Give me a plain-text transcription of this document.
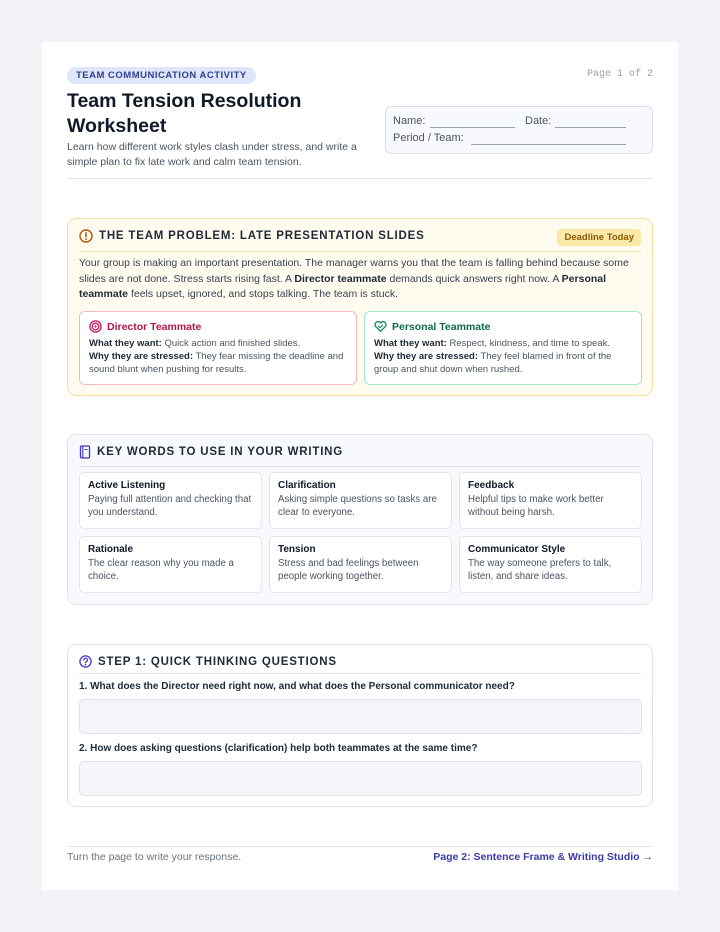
TEAM COMMUNICATION ACTIVITY	Page 1 of 2
Team Tension Resolution Worksheet
Learn how different work styles clash under stress, and write a simple plan to fix late work and calm team tension.
Name:	Date:
Period / Team:
THE TEAM PROBLEM: LATE PRESENTATION SLIDES	Deadline Today

Your group is making an important presentation. The manager warns you that the team is falling behind because some slides are not done. Stress starts rising fast. A Director teammate demands quick answers right now. A Personal teammate feels upset, ignored, and stops talking. The team is stuck.

Director Teammate

What they want: Quick action and finished slides.

Why they are stressed: They fear missing the deadline and sound blunt when pushing for results.

Personal Teammate

What they want: Respect, kindness, and time to speak.

Why they are stressed: They feel blamed in front of the group and shut down when rushed.

KEY WORDS TO USE IN YOUR WRITING
Active Listening
Paying full attention and checking that you understand.
Clarification
Asking simple questions so tasks are clear to everyone.
Feedback
Helpful tips to make work better without being harsh.
Rationale
The clear reason why you made a choice.
Tension
Stress and bad feelings between people working together.
Communicator Style
The way someone prefers to talk, listen, and share ideas.
STEP 1: QUICK THINKING QUESTIONS
1. What does the Director need right now, and what does the Personal communicator need?
2. How does asking questions (clarification) help both teammates at the same time?
Turn the page to write your response.	Page 2: Sentence Frame & Writing Studio →
